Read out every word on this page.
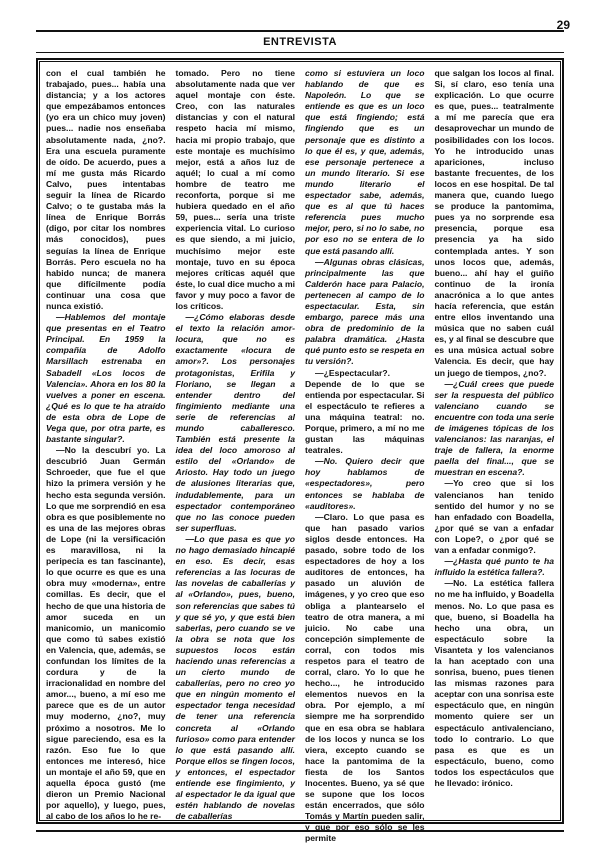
29
ENTREVISTA

con el cual también he trabajado, pues... había una distancia; y a los actores que empezábamos entonces (yo era un chico muy joven) pues... nadie nos enseñaba absolutamente nada, ¿no?. Era una escuela puramente de oído. De acuerdo, pues a mí me gusta más Ricardo Calvo, pues intentabas seguir la línea de Ricardo Calvo; o te gustaba más la línea de Enrique Borrás (digo, por citar los nombres más conocidos), pues seguías la línea de Enrique Borrás. Pero escuela no ha habido nunca; de manera que difícilmente podía continuar una cosa que nunca existió.

—Hablemos del montaje que presentas en el Teatro Principal. En 1959 la compañía de Adolfo Marsillach estrenaba en Sabadell «Los locos de Valencia». Ahora en los 80 la vuelves a poner en escena. ¿Qué es lo que te ha atraído de esta obra de Lope de Vega que, por otra parte, es bastante singular?.

—No la descubrí yo. La descubrió Juan Germán Schroeder, que fue el que hizo la primera versión y he hecho esta segunda versión. Lo que me sorprendió en esa obra es que posiblemente no es una de las mejores obras de Lope (ni la versificación es maravillosa, ni la peripecia es tan fascinante), lo que ocurre es que es una obra muy «moderna», entre comillas. Es decir, que el hecho de que una historia de amor suceda en un manicomio, un manicomio que como tú sabes existió en Valencia, que, además, se confundan los límites de la cordura y de la irracionalidad en nombre del amor..., bueno, a mí eso me parece que es de un autor muy moderno, ¿no?, muy próximo a nosotros. Me lo sigue pareciendo, esa es la razón. Eso fue lo que entonces me interesó, hice un montaje el año 59, que en aquella época gustó (me dieron un Premio Nacional por aquello), y luego, pues, al cabo de los años lo he re-

tomado. Pero no tiene absolutamente nada que ver aquel montaje con éste. Creo, con las naturales distancias y con el natural respeto hacia mí mismo, hacia mi propio trabajo, que este montaje es muchísimo mejor, está a años luz de aquél; lo cual a mí como hombre de teatro me reconforta, porque si me hubiera quedado en el año 59, pues... sería una triste experiencia vital. Lo curioso es que siendo, a mi juicio, muchísimo mejor este montaje, tuvo en su época mejores críticas aquél que éste, lo cual dice mucho a mi favor y muy poco a favor de los críticos.

—¿Cómo elaboras desde el texto la relación amor-locura, que no es exactamente «locura de amor»?. Los personajes protagonistas, Erifila y Floriano, se llegan a entender dentro del fingimiento mediante una serie de referencias al mundo caballeresco. También está presente la idea del loco amoroso al estilo del «Orlando» de Ariosto. Hay todo un juego de alusiones literarias que, indudablemente, para un espectador contemporáneo que no las conoce pueden ser superfluas.

—Lo que pasa es que yo no hago demasiado hincapié en eso. Es decir, esas referencias a las locuras de las novelas de caballerías y al «Orlando», pues, bueno, son referencias que sabes tú y que sé yo, y que está bien saberlas, pero cuando se ve la obra se nota que los supuestos locos están haciendo unas referencias a un cierto mundo de caballerías, pero no creo yo que en ningún momento el espectador tenga necesidad de tener una referencia concreta al «Orlando furioso» como para entender lo que está pasando allí. Porque ellos se fingen locos, y entonces, el espectador entiende ese fingimiento, y al espectador le da igual que estén hablando de novelas de caballerías

como si estuviera un loco hablando de que es Napoleón. Lo que se entiende es que es un loco que está fingiendo; está fingiendo que es un personaje que es distinto a lo que él es, y que, además, ese personaje pertenece a un mundo literario. Si ese mundo literario el espectador sabe, además, que es al que tú haces referencia pues mucho mejor, pero, si no lo sabe, no por eso no se entera de lo que está pasando allí.

—Algunas obras clásicas, principalmente las que Calderón hace para Palacio, pertenecen al campo de lo espectacular. Esta, sin embargo, parece más una obra de predominio de la palabra dramática. ¿Hasta qué punto esto se respeta en tu versión?.

—¿Espectacular?. Depende de lo que se entienda por espectacular. Si el espectáculo te refieres a una máquina teatral: no. Porque, primero, a mí no me gustan las máquinas teatrales.

—No. Quiero decir que hoy hablamos de «espectadores», pero entonces se hablaba de «auditores».

—Claro. Lo que pasa es que han pasado varios siglos desde entonces. Ha pasado, sobre todo de los espectadores de hoy a los auditores de entonces, ha pasado un aluvión de imágenes, y yo creo que eso obliga a plantearselo el teatro de otra manera, a mi juicio. No cabe una concepción simplemente de corral, con todos mis respetos para el teatro de corral, claro. Yo lo que he hecho..., he introducido elementos nuevos en la obra. Por ejemplo, a mí siempre me ha sorprendido que en esa obra se hablara de los locos y nunca se los viera, excepto cuando se hace la pantomima de la fiesta de los Santos Inocentes. Bueno, ya sé que se supone que los locos están encerrados, que sólo Tomás y Martín pueden salir, y que por eso sólo se les permite

que salgan los locos al final. Si, sí claro, eso tenía una explicación. Lo que ocurre es que, pues... teatralmente a mí me parecía que era desaprovechar un mundo de posibilidades con los locos. Yo he introducido unas apariciones, incluso bastante frecuentes, de los locos en ese hospital. De tal manera que, cuando luego se produce la pantomima, pues ya no sorprende esa presencia, porque esa presencia ya ha sido contemplada antes. Y son unos locos que, además, bueno... ahí hay el guiño continuo de la ironía anacrónica a lo que antes hacía referencia, que están entre ellos inventando una música que no saben cuál es, y al final se descubre que es una música actual sobre Valencia. Es decir, que hay un juego de tiempos, ¿no?.

—¿Cuál crees que puede ser la respuesta del público valenciano cuando se encuentre con toda una serie de imágenes tópicas de los valencianos: las naranjas, el traje de fallera, la enorme paella del final..., que se muestran en escena?.

—Yo creo que si los valencianos han tenido sentido del humor y no se han enfadado con Boadella, ¿por qué se van a enfadar con Lope?, o ¿por qué se van a enfadar conmigo?.

—¿Hasta qué punto te ha influido la estética fallera?.

—No. La estética fallera no me ha influido, y Boadella menos. No. Lo que pasa es que, bueno, si Boadella ha hecho una obra, un espectáculo sobre la Visanteta y los valencianos la han aceptado con una sonrisa, bueno, pues tienen las mismas razones para aceptar con una sonrisa este espectáculo que, en ningún momento quiere ser un espectáculo antivalenciano, todo lo contrario. Lo que pasa es que es un espectáculo, bueno, como todos los espectáculos que he llevado: irónico.
